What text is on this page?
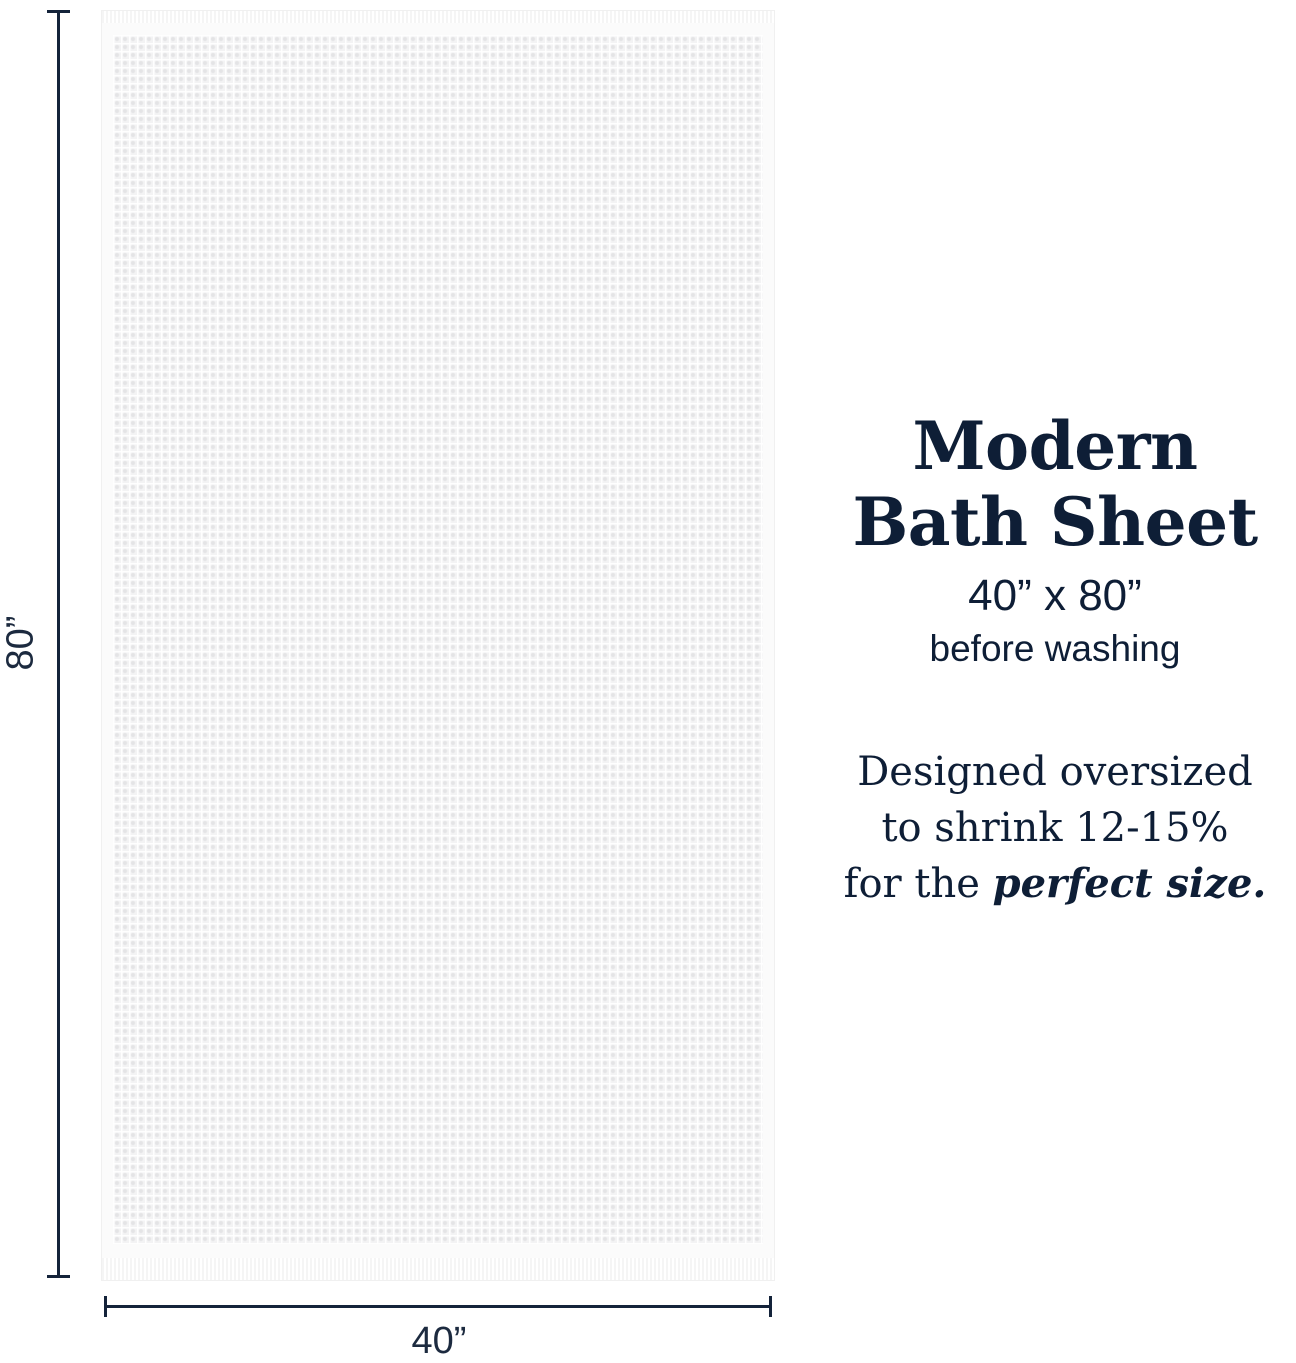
80”
40”
Modern
Bath Sheet
40” x 80”
before washing
Designed oversized
to shrink 12-15%
for the perfect size.
